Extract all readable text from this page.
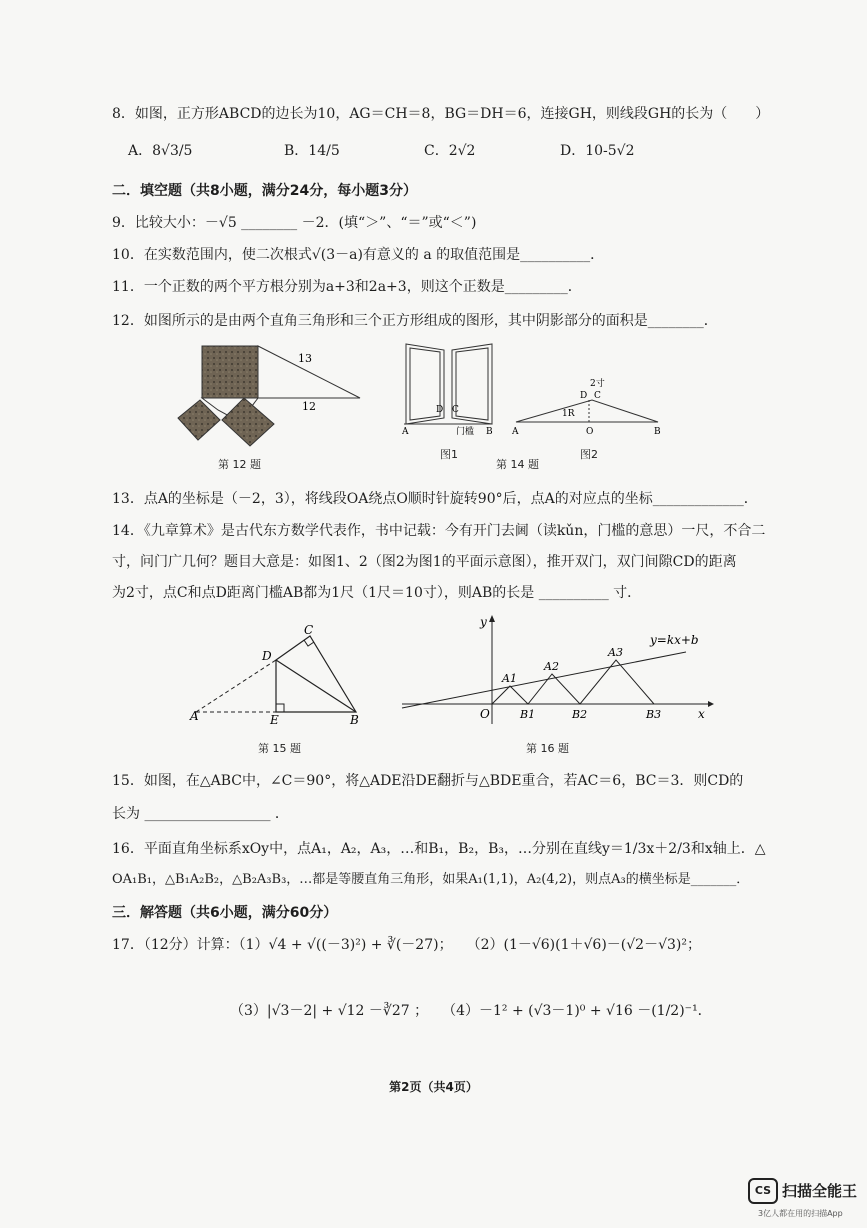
8．如图，正方形ABCD的边长为10，AG＝CH＝8，BG＝DH＝6，连接GH，则线段GH的长为（　　）
A．8√3/5	B．14/5	C．2√2	D．10-5√2
二．填空题（共8小题，满分24分，每小题3分）
9．比较大小：－√5 ________ －2．(填“＞”、“＝”或“＜”)
10．在实数范围内，使二次根式√(3－a)有意义的 a 的取值范围是__________．
11．一个正数的两个平方根分别为a+3和2a+3，则这个正数是_________．
12．如图所示的是由两个直角三角形和三个正方形组成的图形，其中阴影部分的面积是________．
13
12
第 12 题
A	B
D C
门槛
2寸
D C
1R
A	O	B
图1
第 14 题
图2
13．点A的坐标是（－2，3），将线段OA绕点O顺时针旋转90°后，点A的对应点的坐标_____________．
14．《九章算术》是古代东方数学代表作，书中记载：今有开门去阃（读kǔn，门槛的意思）一尺，不合二
寸，问门广几何？题目大意是：如图1、2（图2为图1的平面示意图），推开双门，双门间隙CD的距离
为2寸，点C和点D距离门槛AB都为1尺（1尺＝10寸），则AB的长是 __________ 寸．
A	B
C
D
E
第 15 题
y
x
O
y=kx+b
A1
A2
A3
B1	B2	B3
第 16 题
15．如图，在△ABC中，∠C＝90°，将△ADE沿DE翻折与△BDE重合，若AC＝6，BC＝3．则CD的
长为 __________________ ．
16．平面直角坐标系xOy中，点A₁，A₂，A₃，…和B₁，B₂，B₃，…分别在直线y＝1/3x＋2/3和x轴上．△
OA₁B₁，△B₁A₂B₂，△B₂A₃B₃，…都是等腰直角三角形，如果A₁(1,1)，A₂(4,2)，则点A₃的横坐标是_______．
三．解答题（共6小题，满分60分）
17．（12分）计算：（1）√4 + √((－3)²) + ∛(－27)；　　（2）(1－√6)(1＋√6)－(√2－√3)²；
（3）|√3－2| + √12 －∛27 ；　　（4）－1² + (√3－1)⁰ + √16 －(1/2)⁻¹．
第2页（共4页）
CS 扫描全能王
3亿人都在用的扫描App
